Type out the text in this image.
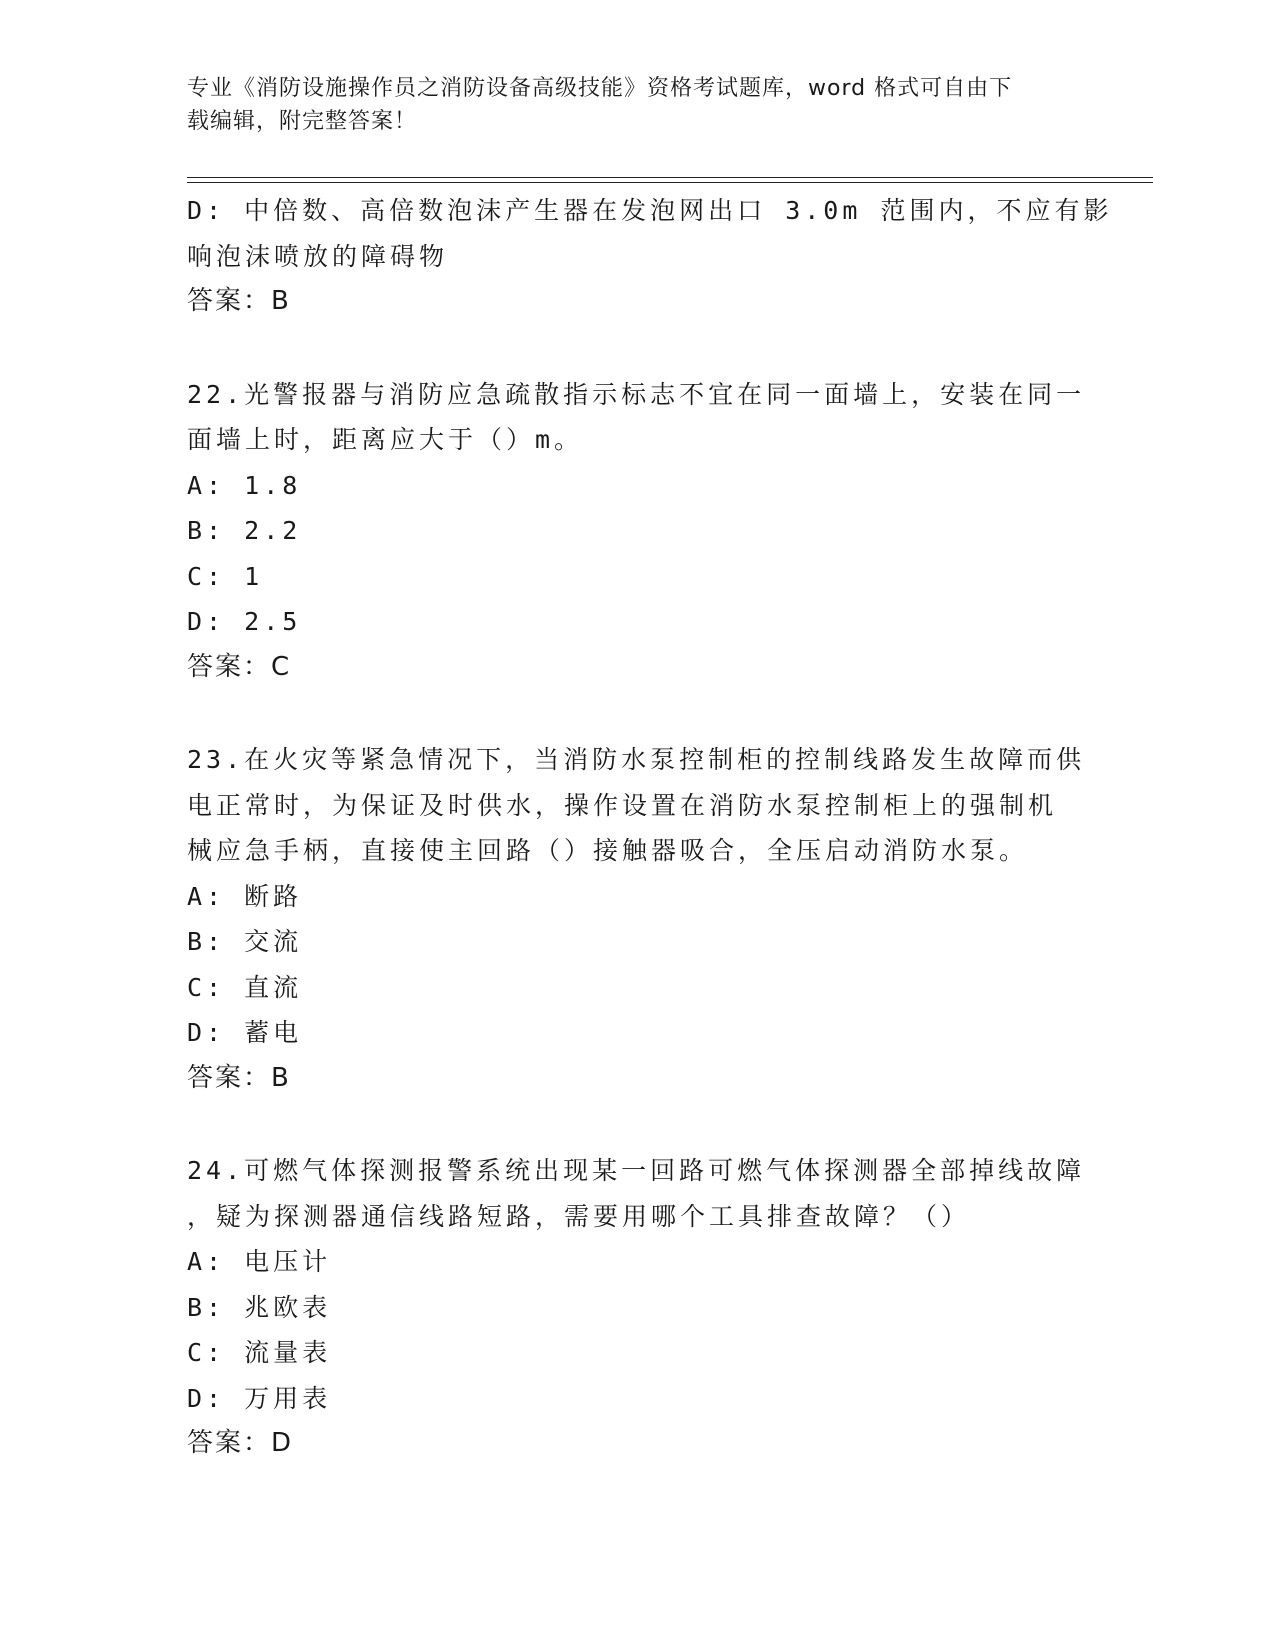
专业《消防设施操作员之消防设备高级技能》资格考试题库，word 格式可自由下
载编辑，附完整答案！
D: 中倍数、高倍数泡沫产生器在发泡网出口 3.0m 范围内，不应有影
响泡沫喷放的障碍物
答案：B
22.光警报器与消防应急疏散指示标志不宜在同一面墙上，安装在同一
面墙上时，距离应大于（）m。
A: 1.8
B: 2.2
C: 1
D: 2.5
答案：C
23.在火灾等紧急情况下，当消防水泵控制柜的控制线路发生故障而供
电正常时，为保证及时供水，操作设置在消防水泵控制柜上的强制机
械应急手柄，直接使主回路（）接触器吸合，全压启动消防水泵。
A: 断路
B: 交流
C: 直流
D: 蓄电
答案：B
24.可燃气体探测报警系统出现某一回路可燃气体探测器全部掉线故障
，疑为探测器通信线路短路，需要用哪个工具排查故障？（）
A: 电压计
B: 兆欧表
C: 流量表
D: 万用表
答案：D
